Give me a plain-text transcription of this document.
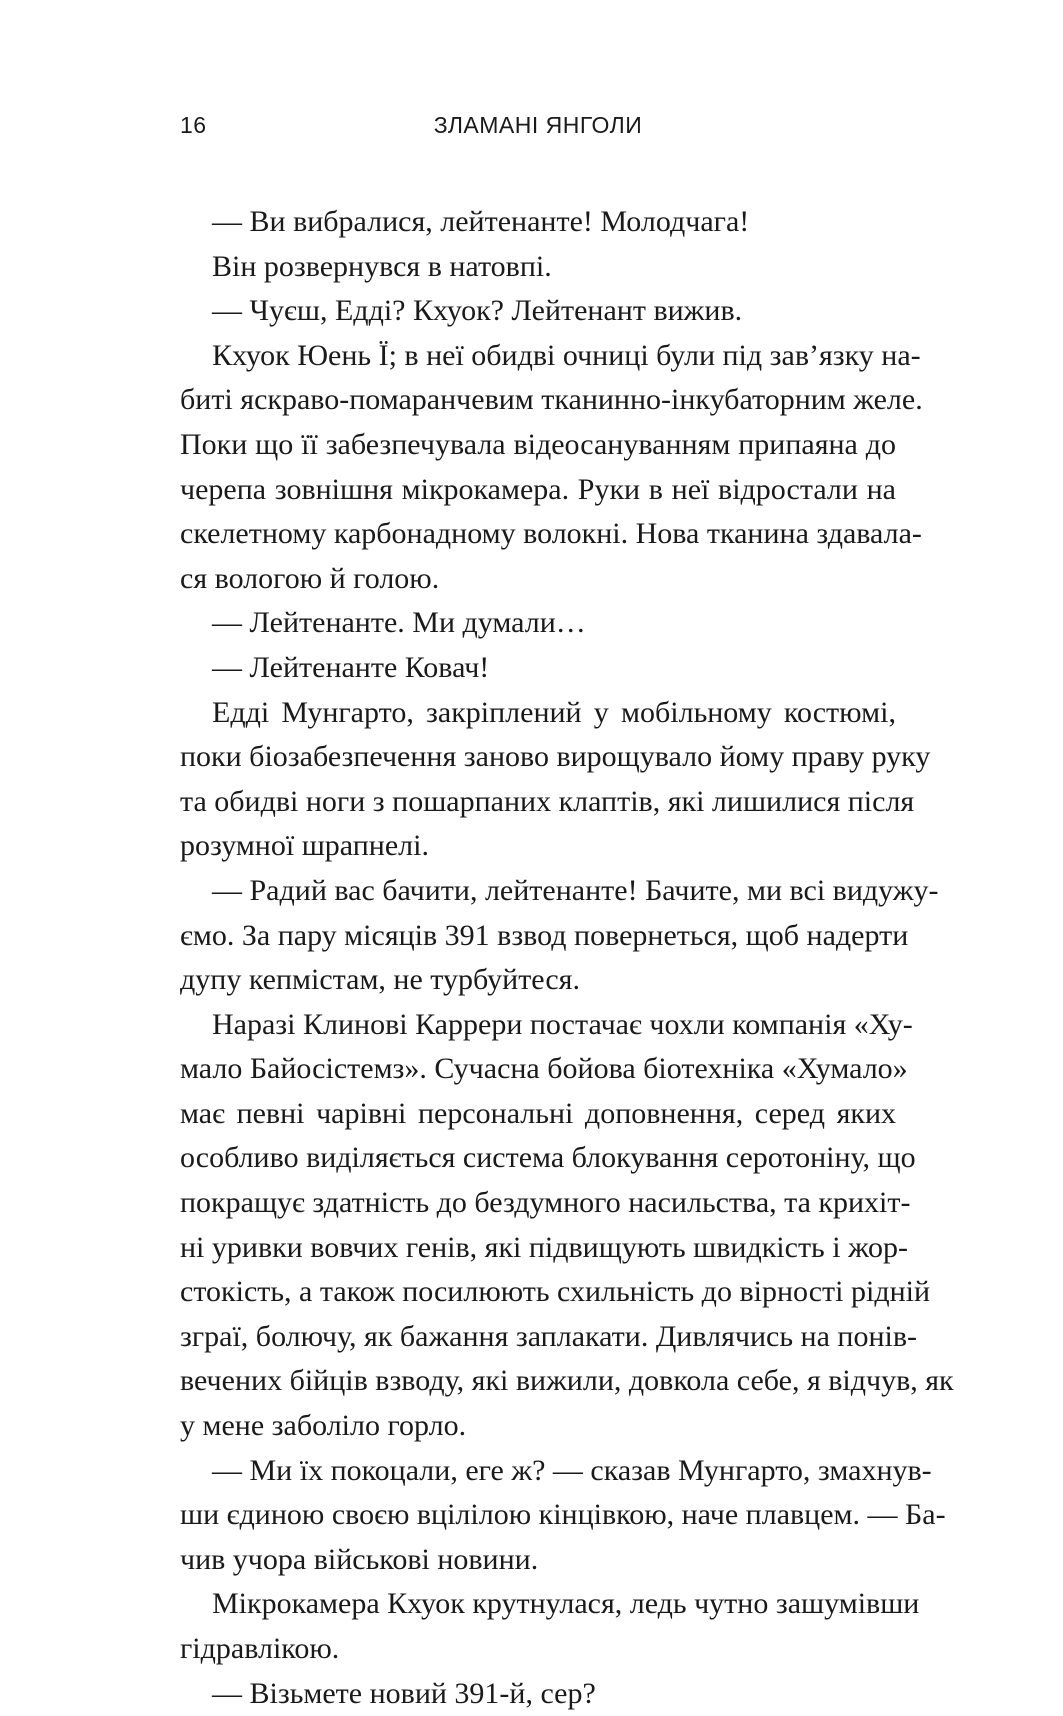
16	ЗЛАМАНІ ЯНГОЛИ
— Ви вибралися, лейтенанте! Молодчага!
Він розвернувся в натовпі.
— Чуєш, Едді? Кхуок? Лейтенант вижив.
Кхуок Юень Ї; в неї обидві очниці були під зав’язку на-
биті яскраво-помаранчевим тканинно-інкубаторним желе.
Поки що її забезпечувала відеосануванням припаяна до
черепа зовнішня мікрокамера. Руки в неї відростали на
скелетному карбонадному волокні. Нова тканина здавала-
ся вологою й голою.
— Лейтенанте. Ми думали…
— Лейтенанте Ковач!
Едді Мунгарто, закріплений у мобільному костюмі,
поки біозабезпечення заново вирощувало йому праву руку
та обидві ноги з пошарпаних клаптів, які лишилися після
розумної шрапнелі.
— Радий вас бачити, лейтенанте! Бачите, ми всі видужу-
ємо. За пару місяців 391 взвод повернеться, щоб надерти
дупу кепмістам, не турбуйтеся.
Наразі Клинові Каррери постачає чохли компанія «Ху-
мало Байосістемз». Сучасна бойова біотехніка «Хумало»
має певні чарівні персональні доповнення, серед яких
особливо виділяється система блокування серотоніну, що
покращує здатність до бездумного насильства, та крихіт-
ні уривки вовчих генів, які підвищують швидкість і жор-
стокість, а також посилюють схильність до вірності рідній
зграї, болючу, як бажання заплакати. Дивлячись на понів-
вечених бійців взводу, які вижили, довкола себе, я відчув, як
у мене заболіло горло.
— Ми їх покоцали, еге ж? — сказав Мунгарто, змахнув-
ши єдиною своєю вцілілою кінцівкою, наче плавцем. — Ба-
чив учора військові новини.
Мікрокамера Кхуок крутнулася, ледь чутно зашумівши
гідравлікою.
— Візьмете новий 391-й, сер?
